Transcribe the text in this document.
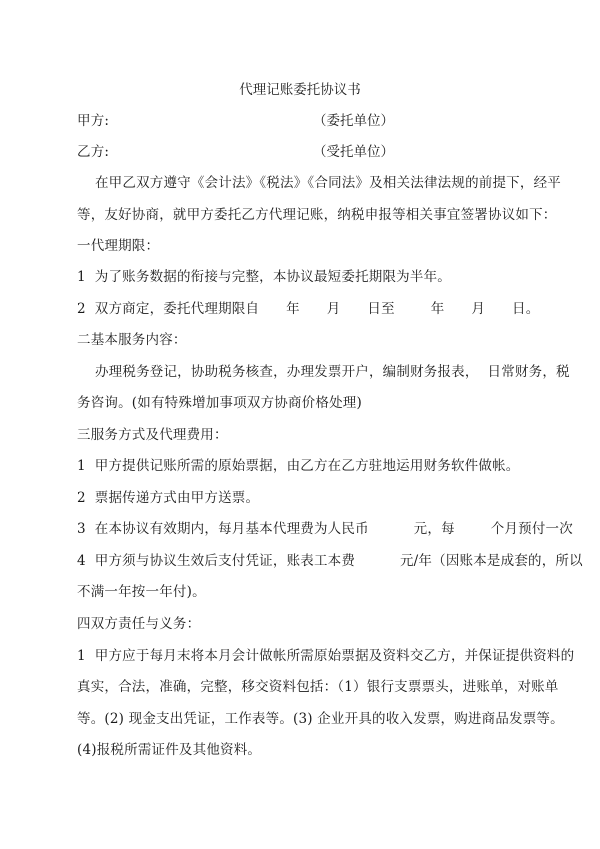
代理记账委托协议书
甲方:	（委托单位）
乙方:	（受托单位）
在甲乙双方遵守《会计法》《税法》《合同法》及相关法律法规的前提下，经平
等，友好协商，就甲方委托乙方代理记账，纳税申报等相关事宜签署协议如下：
一代理期限：
1  为了账务数据的衔接与完整，本协议最短委托期限为半年。
2  双方商定，委托代理期限自      年      月      日至        年      月      日。
二基本服务内容：
办理税务登记，协助税务核查，办理发票开户，编制财务报表，  日常财务，税
务咨询。(如有特殊增加事项双方协商价格处理)
三服务方式及代理费用：
1  甲方提供记账所需的原始票据，由乙方在乙方驻地运用财务软件做帐。
2  票据传递方式由甲方送票。
3  在本协议有效期内，每月基本代理费为人民币          元，每        个月预付一次
4  甲方须与协议生效后支付凭证，账表工本费          元/年（因账本是成套的，所以
不满一年按一年付)。
四双方责任与义务：
1  甲方应于每月末将本月会计做帐所需原始票据及资料交乙方，并保证提供资料的
真实，合法，准确，完整，移交资料包括：（1）银行支票票头，进账单，对账单
等。(2) 现金支出凭证，工作表等。(3) 企业开具的收入发票，购进商品发票等。
(4)报税所需证件及其他资料。
